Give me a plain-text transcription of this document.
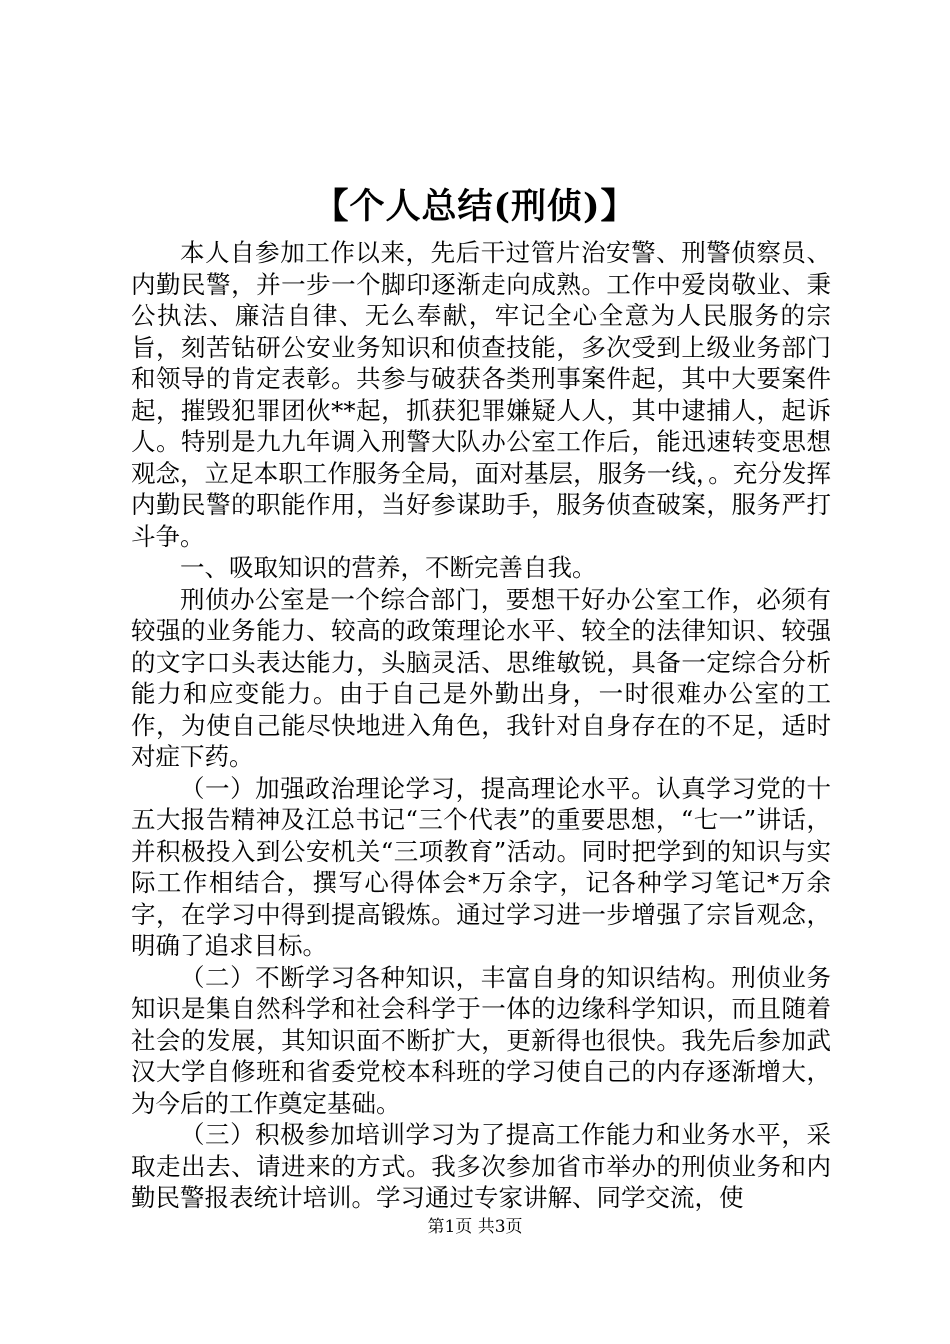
【个人总结(刑侦)】

本人自参加工作以来，先后干过管片治安警、刑警侦察员、内勤民警，并一步一个脚印逐渐走向成熟。工作中爱岗敬业、秉公执法、廉洁自律、无么奉献，牢记全心全意为人民服务的宗旨，刻苦钻研公安业务知识和侦查技能，多次受到上级业务部门和领导的肯定表彰。共参与破获各类刑事案件起，其中大要案件起，摧毁犯罪团伙**起，抓获犯罪嫌疑人人，其中逮捕人，起诉人。特别是九九年调入刑警大队办公室工作后，能迅速转变思想观念，立足本职工作服务全局，面对基层，服务一线，。充分发挥内勤民警的职能作用，当好参谋助手，服务侦查破案，服务严打斗争。

一、吸取知识的营养，不断完善自我。

刑侦办公室是一个综合部门，要想干好办公室工作，必须有较强的业务能力、较高的政策理论水平、较全的法律知识、较强的文字口头表达能力，头脑灵活、思维敏锐，具备一定综合分析能力和应变能力。由于自己是外勤出身，一时很难办公室的工作，为使自己能尽快地进入角色，我针对自身存在的不足，适时对症下药。

（一）加强政治理论学习，提高理论水平。认真学习党的十五大报告精神及江总书记“三个代表”的重要思想，“七一”讲话，并积极投入到公安机关“三项教育”活动。同时把学到的知识与实际工作相结合，撰写心得体会*万余字，记各种学习笔记*万余字，在学习中得到提高锻炼。通过学习进一步增强了宗旨观念，明确了追求目标。

（二）不断学习各种知识，丰富自身的知识结构。刑侦业务知识是集自然科学和社会科学于一体的边缘科学知识，而且随着社会的发展，其知识面不断扩大，更新得也很快。我先后参加武汉大学自修班和省委党校本科班的学习使自己的内存逐渐增大，为今后的工作奠定基础。

（三）积极参加培训学习为了提高工作能力和业务水平，采取走出去、请进来的方式。我多次参加省市举办的刑侦业务和内勤民警报表统计培训。学习通过专家讲解、同学交流，使

第1页 共3页
